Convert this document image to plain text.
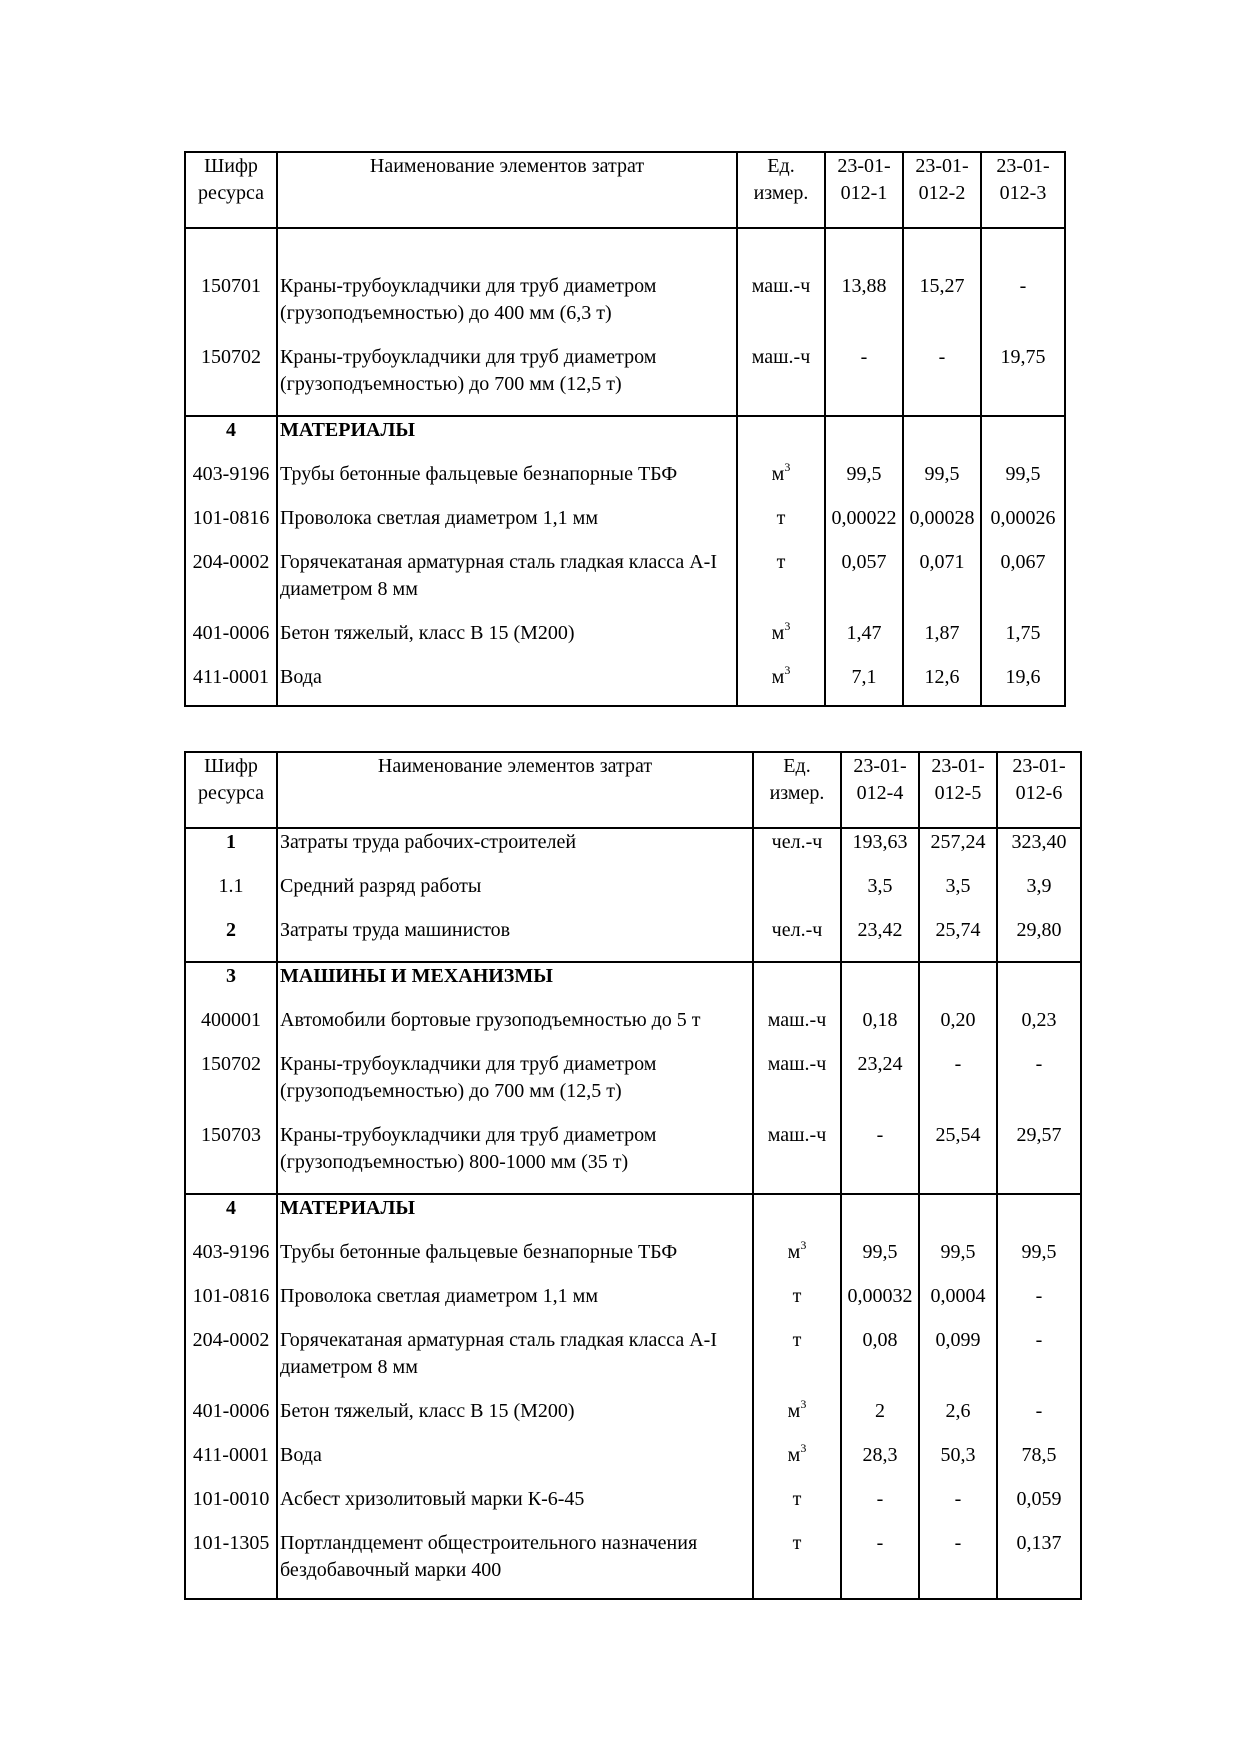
Шифр ресурса	Наименование элементов затрат	Ед. измер.	23-01-012-1	23-01-012-2	23-01-012-3

150701	Краны-трубоукладчики для труб диаметром (грузоподъемностью) до 400 мм (6,3 т)	маш.-ч	13,88	15,27	-
150702	Краны-трубоукладчики для труб диаметром (грузоподъемностью) до 700 мм (12,5 т)	маш.-ч	-	-	19,75
4	МАТЕРИАЛЫ				
403-9196	Трубы бетонные фальцевые безнапорные ТБФ	$м^3$	99,5	99,5	99,5
101-0816	Проволока светлая диаметром 1,1 мм	т	0,00022	0,00028	0,00026
204-0002	Горячекатаная арматурная сталь гладкая класса А-I диаметром 8 мм	т	0,057	0,071	0,067
401-0006	Бетон тяжелый, класс В 15 (М200)	$м^3$	1,47	1,87	1,75
411-0001	Вода	$м^3$	7,1	12,6	19,6
Шифр ресурса	Наименование элементов затрат	Ед. измер.	23-01-012-4	23-01-012-5	23-01-012-6
1	Затраты труда рабочих-строителей	чел.-ч	193,63	257,24	323,40
1.1	Средний разряд работы		3,5	3,5	3,9
2	Затраты труда машинистов	чел.-ч	23,42	25,74	29,80
3	МАШИНЫ И МЕХАНИЗМЫ				
400001	Автомобили бортовые грузоподъемностью до 5 т	маш.-ч	0,18	0,20	0,23
150702	Краны-трубоукладчики для труб диаметром (грузоподъемностью) до 700 мм (12,5 т)	маш.-ч	23,24	-	-
150703	Краны-трубоукладчики для труб диаметром (грузоподъемностью) 800-1000 мм (35 т)	маш.-ч	-	25,54	29,57
4	МАТЕРИАЛЫ				
403-9196	Трубы бетонные фальцевые безнапорные ТБФ	$м^3$	99,5	99,5	99,5
101-0816	Проволока светлая диаметром 1,1 мм	т	0,00032	0,0004	-
204-0002	Горячекатаная арматурная сталь гладкая класса А-I диаметром 8 мм	т	0,08	0,099	-
401-0006	Бетон тяжелый, класс В 15 (М200)	$м^3$	2	2,6	-
411-0001	Вода	$м^3$	28,3	50,3	78,5
101-0010	Асбест хризолитовый марки К-6-45	т	-	-	0,059
101-1305	Портландцемент общестроительного назначения бездобавочный марки 400	т	-	-	0,137
